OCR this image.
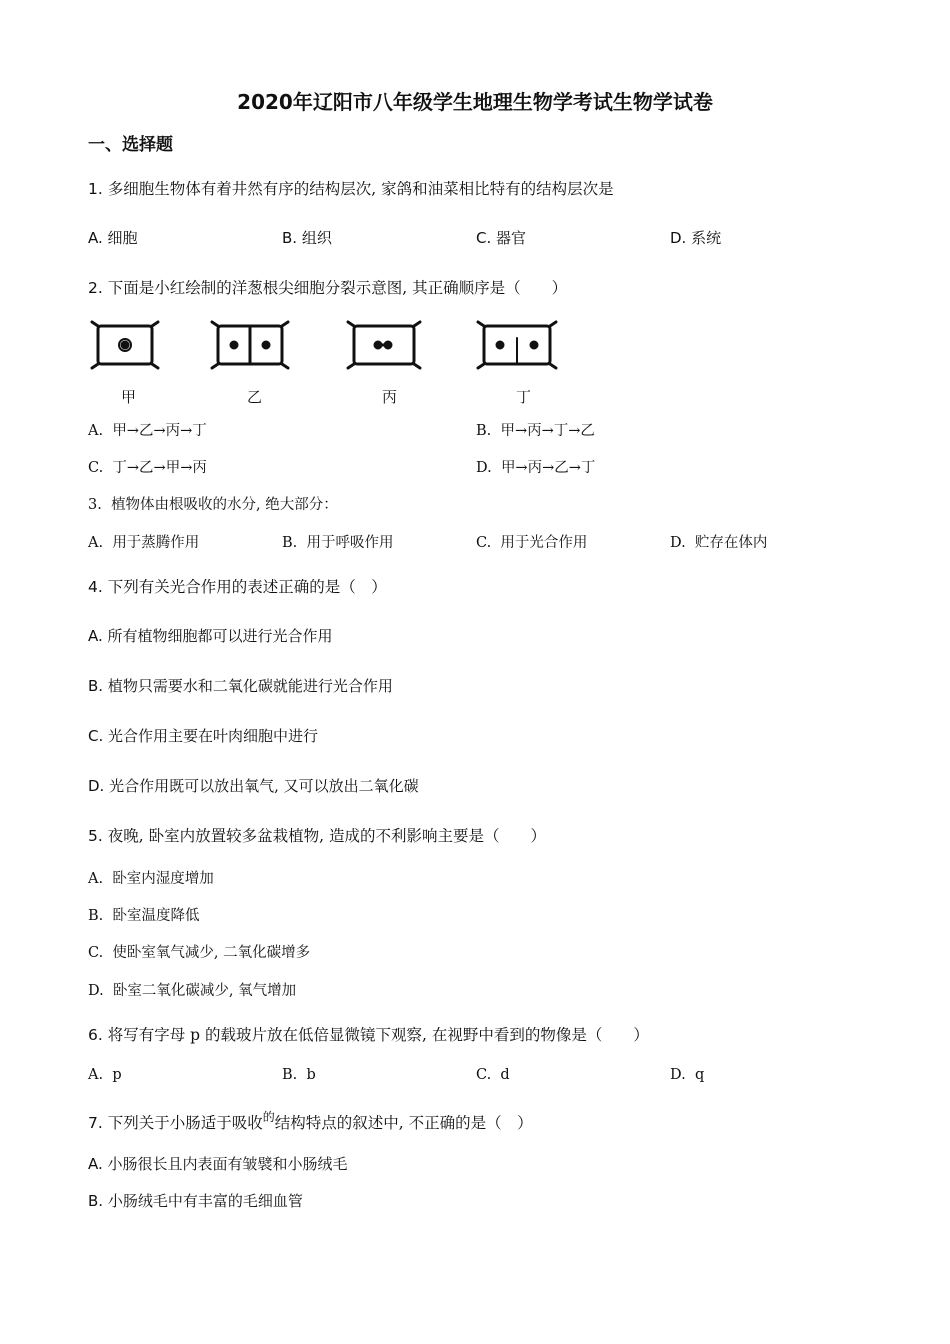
2020年辽阳市八年级学生地理生物学考试生物学试卷
一、选择题
1. 多细胞生物体有着井然有序的结构层次, 家鸽和油菜相比特有的结构层次是
A. 细胞	B. 组织	C. 器官	D. 系统
2. 下面是小红绘制的洋葱根尖细胞分裂示意图, 其正确顺序是（　　）
甲	乙	丙	丁
A. 甲→乙→丙→丁	B. 甲→丙→丁→乙
C. 丁→乙→甲→丙	D. 甲→丙→乙→丁
3. 植物体由根吸收的水分, 绝大部分：
A. 用于蒸腾作用	B. 用于呼吸作用	C. 用于光合作用	D. 贮存在体内
4. 下列有关光合作用的表述正确的是（　）
A. 所有植物细胞都可以进行光合作用
B. 植物只需要水和二氧化碳就能进行光合作用
C. 光合作用主要在叶肉细胞中进行
D. 光合作用既可以放出氧气, 又可以放出二氧化碳
5. 夜晚, 卧室内放置较多盆栽植物, 造成的不利影响主要是（　　）
A. 卧室内湿度增加
B. 卧室温度降低
C. 使卧室氧气减少, 二氧化碳增多
D. 卧室二氧化碳减少, 氧气增加
6. 将写有字母 p 的载玻片放在低倍显微镜下观察, 在视野中看到的物像是（　　）
A. p	B. b	C. d	D. q
7. 下列关于小肠适于吸收$^的$结构特点的叙述中, 不正确的是（　）
A. 小肠很长且内表面有皱襞和小肠绒毛
B. 小肠绒毛中有丰富的毛细血管
